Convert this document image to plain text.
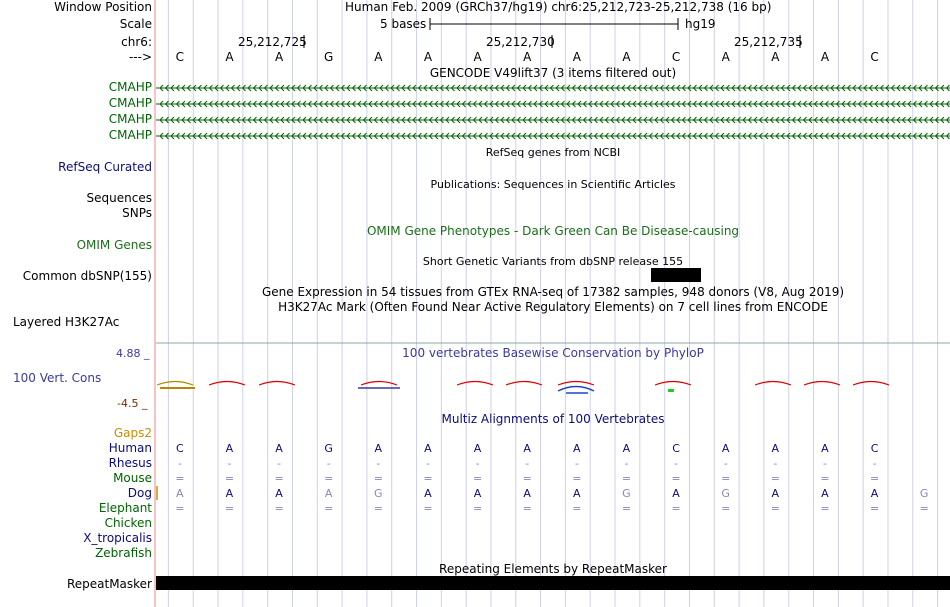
Window Position	Human Feb. 2009 (GRCh37/hg19) chr6:25,212,723-25,212,738 (16 bp)
Scale	5 bases	hg19
chr6:	25,212,725	25,212,730	25,212,735
--->	C	A	A	G	A	A	A	A	A	A	C	A	A	A	C
GENCODE V49lift37 (3 items filtered out)
CMAHP
CMAHP
CMAHP
CMAHP
RefSeq genes from NCBI
RefSeq Curated
Publications: Sequences in Scientific Articles
Sequences
SNPs
OMIM Gene Phenotypes - Dark Green Can Be Disease-causing
OMIM Genes
Short Genetic Variants from dbSNP release 155
Common dbSNP(155)
Gene Expression in 54 tissues from GTEx RNA-seq of 17382 samples, 948 donors (V8, Aug 2019)
H3K27Ac Mark (Often Found Near Active Regulatory Elements) on 7 cell lines from ENCODE
Layered H3K27Ac
4.88 _	100 vertebrates Basewise Conservation by PhyloP
100 Vert. Cons
-4.5 _
Multiz Alignments of 100 Vertebrates
Gaps2
Human	C	A	A	G	A	A	A	A	A	A	C	A	A	A	C
Rhesus	-	-	-	-	-	-	-	-	-	-	-	-	-	-	-
Mouse	=	=	=	=	=	=	=	=	=	=	=	=	=	=	=
Dog	A	A	A	A	G	A	A	A	A	G	A	G	A	A	A	G
Elephant	=	=	=	=	=	=	=	=	=	=	=	=	=	=	=	=
Chicken
X_tropicalis
Zebrafish
Repeating Elements by RepeatMasker
RepeatMasker
